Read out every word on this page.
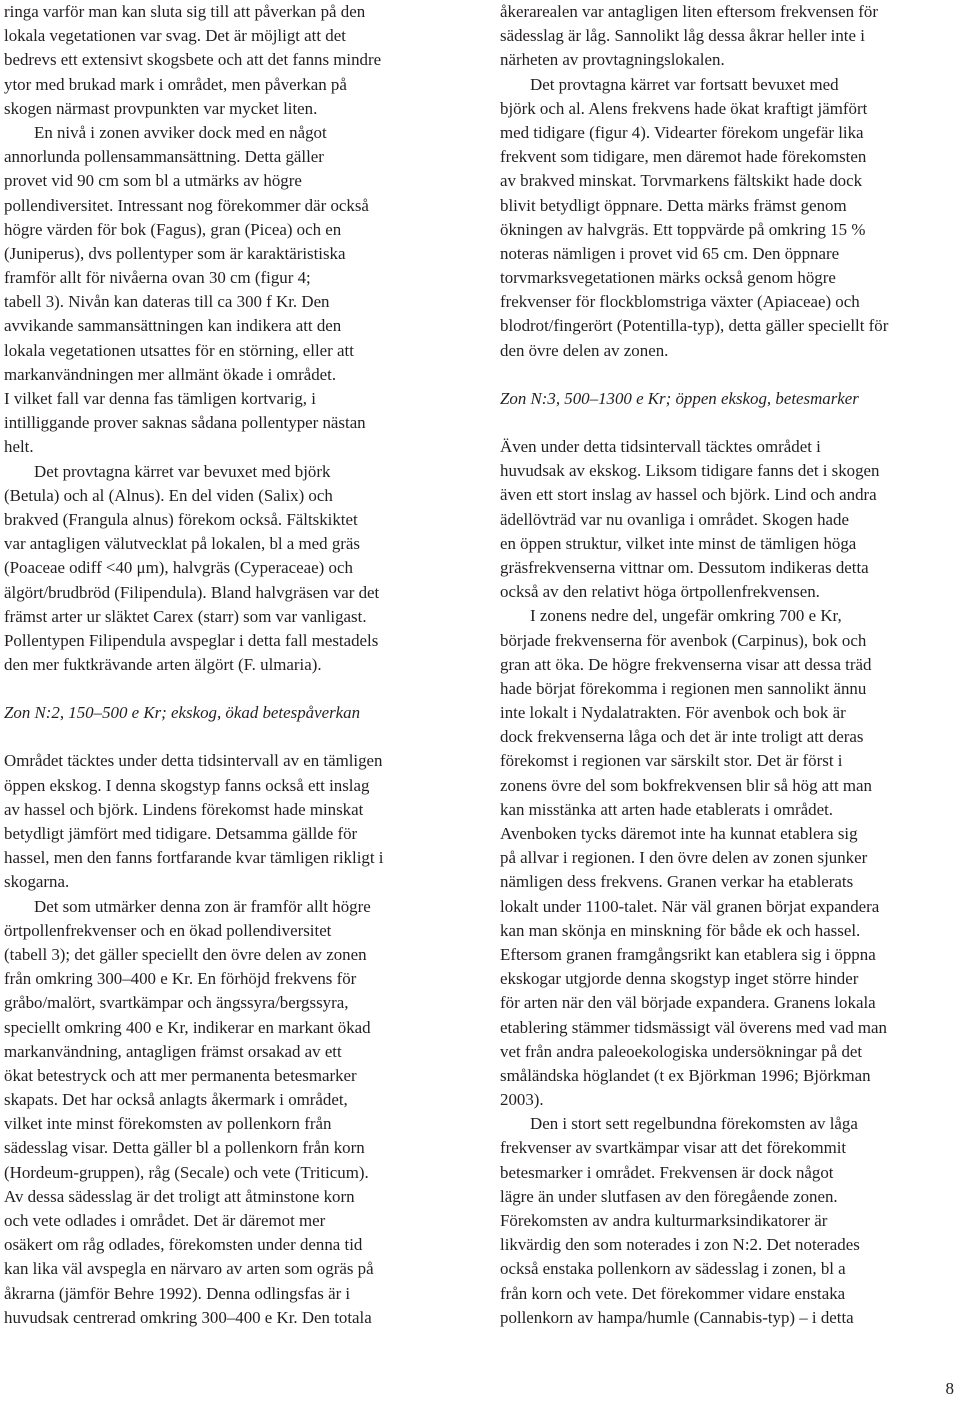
ringa varför man kan sluta sig till att påverkan på den
lokala vegetationen var svag. Det är möjligt att det
bedrevs ett extensivt skogsbete och att det fanns mindre
ytor med brukad mark i området, men påverkan på
skogen närmast provpunkten var mycket liten.
En nivå i zonen avviker dock med en något
annorlunda pollensammansättning. Detta gäller
provet vid 90 cm som bl a utmärks av högre
pollendiversitet. Intressant nog förekommer där också
högre värden för bok (Fagus), gran (Picea) och en
(Juniperus), dvs pollentyper som är karaktäristiska
framför allt för nivåerna ovan 30 cm (figur 4;
tabell 3). Nivån kan dateras till ca 300 f Kr. Den
avvikande sammansättningen kan indikera att den
lokala vegetationen utsattes för en störning, eller att
markanvändningen mer allmänt ökade i området.
I vilket fall var denna fas tämligen kortvarig, i
intilliggande prover saknas sådana pollentyper nästan
helt.
Det provtagna kärret var bevuxet med björk
(Betula) och al (Alnus). En del viden (Salix) och
brakved (Frangula alnus) förekom också. Fältskiktet
var antagligen välutvecklat på lokalen, bl a med gräs
(Poaceae odiff <40 μm), halvgräs (Cyperaceae) och
älgört/brudbröd (Filipendula). Bland halvgräsen var det
främst arter ur släktet Carex (starr) som var vanligast.
Pollentypen Filipendula avspeglar i detta fall mestadels
den mer fuktkrävande arten älgört (F. ulmaria).
Zon N:2, 150–500 e Kr; ekskog, ökad betespåverkan
Området täcktes under detta tidsintervall av en tämligen
öppen ekskog. I denna skogstyp fanns också ett inslag
av hassel och björk. Lindens förekomst hade minskat
betydligt jämfört med tidigare. Detsamma gällde för
hassel, men den fanns fortfarande kvar tämligen rikligt i
skogarna.
Det som utmärker denna zon är framför allt högre
örtpollenfrekvenser och en ökad pollendiversitet
(tabell 3); det gäller speciellt den övre delen av zonen
från omkring 300–400 e Kr. En förhöjd frekvens för
gråbo/malört, svartkämpar och ängssyra/bergssyra,
speciellt omkring 400 e Kr, indikerar en markant ökad
markanvändning, antagligen främst orsakad av ett
ökat betestryck och att mer permanenta betesmarker
skapats. Det har också anlagts åkermark i området,
vilket inte minst förekomsten av pollenkorn från
sädesslag visar. Detta gäller bl a pollenkorn från korn
(Hordeum-gruppen), råg (Secale) och vete (Triticum).
Av dessa sädesslag är det troligt att åtminstone korn
och vete odlades i området. Det är däremot mer
osäkert om råg odlades, förekomsten under denna tid
kan lika väl avspegla en närvaro av arten som ogräs på
åkrarna (jämför Behre 1992). Denna odlingsfas är i
huvudsak centrerad omkring 300–400 e Kr. Den totala
åkerarealen var antagligen liten eftersom frekvensen för
sädesslag är låg. Sannolikt låg dessa åkrar heller inte i
närheten av provtagningslokalen.
Det provtagna kärret var fortsatt bevuxet med
björk och al. Alens frekvens hade ökat kraftigt jämfört
med tidigare (figur 4). Videarter förekom ungefär lika
frekvent som tidigare, men däremot hade förekomsten
av brakved minskat. Torvmarkens fältskikt hade dock
blivit betydligt öppnare. Detta märks främst genom
ökningen av halvgräs. Ett toppvärde på omkring 15 %
noteras nämligen i provet vid 65 cm. Den öppnare
torvmarksvegetationen märks också genom högre
frekvenser för flockblomstriga växter (Apiaceae) och
blodrot/fingerört (Potentilla-typ), detta gäller speciellt för
den övre delen av zonen.
Zon N:3, 500–1300 e Kr; öppen ekskog, betesmarker
Även under detta tidsintervall täcktes området i
huvudsak av ekskog. Liksom tidigare fanns det i skogen
även ett stort inslag av hassel och björk. Lind och andra
ädellövträd var nu ovanliga i området. Skogen hade
en öppen struktur, vilket inte minst de tämligen höga
gräsfrekvenserna vittnar om. Dessutom indikeras detta
också av den relativt höga örtpollenfrekvensen.
I zonens nedre del, ungefär omkring 700 e Kr,
började frekvenserna för avenbok (Carpinus), bok och
gran att öka. De högre frekvenserna visar att dessa träd
hade börjat förekomma i regionen men sannolikt ännu
inte lokalt i Nydalatrakten. För avenbok och bok är
dock frekvenserna låga och det är inte troligt att deras
förekomst i regionen var särskilt stor. Det är först i
zonens övre del som bokfrekvensen blir så hög att man
kan misstänka att arten hade etablerats i området.
Avenboken tycks däremot inte ha kunnat etablera sig
på allvar i regionen. I den övre delen av zonen sjunker
nämligen dess frekvens. Granen verkar ha etablerats
lokalt under 1100-talet. När väl granen börjat expandera
kan man skönja en minskning för både ek och hassel.
Eftersom granen framgångsrikt kan etablera sig i öppna
ekskogar utgjorde denna skogstyp inget större hinder
för arten när den väl började expandera. Granens lokala
etablering stämmer tidsmässigt väl överens med vad man
vet från andra paleoekologiska undersökningar på det
småländska höglandet (t ex Björkman 1996; Björkman
2003).
Den i stort sett regelbundna förekomsten av låga
frekvenser av svartkämpar visar att det förekommit
betesmarker i området. Frekvensen är dock något
lägre än under slutfasen av den föregående zonen.
Förekomsten av andra kulturmarksindikatorer är
likvärdig den som noterades i zon N:2. Det noterades
också enstaka pollenkorn av sädesslag i zonen, bl a
från korn och vete. Det förekommer vidare enstaka
pollenkorn av hampa/humle (Cannabis-typ) – i detta
8
